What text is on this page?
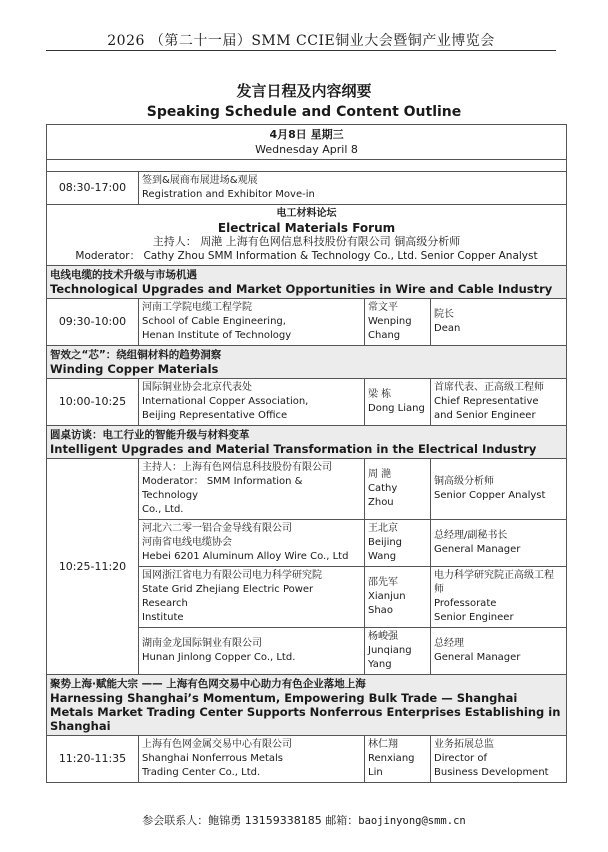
2026 （第二十一届）SMM CCIE铜业大会暨铜产业博览会
发言日程及内容纲要
Speaking Schedule and Content Outline
4月8日 星期三
Wednesday April 8			

08:30-17:00	签到&展商布展进场&观展
Registration and Exhibitor Move-in		

电工材料论坛
Electrical Materials Forum
主持人： 周滟 上海有色网信息科技股份有限公司 铜高级分析师
Moderator： Cathy Zhou SMM Information & Technology Co., Ltd. Senior Copper Analyst			

电线电缆的技术升级与市场机遇
Technological Upgrades and Market Opportunities in Wire and Cable Industry			

09:30-10:00	河南工学院电缆工程学院
School of Cable Engineering,
Henan Institute of Technology	常文平
Wenping
Chang	院长
Dean

智效之“芯”：绕组铜材料的趋势洞察
Winding Copper Materials			

10:00-10:25	国际铜业协会北京代表处
International Copper Association,
Beijing Representative Office	梁 栋
Dong Liang	首席代表、正高级工程师
Chief Representative
and Senior Engineer

圆桌访谈：电工行业的智能升级与材料变革
Intelligent Upgrades and Material Transformation in the Electrical Industry			

10:25-11:20	主持人：上海有色网信息科技股份有限公司
Moderator： SMM Information & Technology
Co., Ltd.	周 滟
Cathy
Zhou	铜高级分析师
Senior Copper Analyst

	河北六二零一铝合金导线有限公司
河南省电线电缆协会
Hebei 6201 Aluminum Alloy Wire Co., Ltd	王北京
Beijing
Wang	总经理/副秘书长
General Manager

	国网浙江省电力有限公司电力科学研究院
State Grid Zhejiang Electric Power Research
Institute	邵先军
Xianjun
Shao	电力科学研究院正高级工程
师
Professorate
Senior Engineer

	湖南金龙国际铜业有限公司
Hunan Jinlong Copper Co., Ltd.	杨峻强
Junqiang
Yang	总经理
General Manager

聚势上海·赋能大宗 —— 上海有色网交易中心助力有色企业落地上海
Harnessing Shanghai’s Momentum, Empowering Bulk Trade — Shanghai Metals Market Trading Center Supports Nonferrous Enterprises Establishing in Shanghai			

11:20-11:35	上海有色网金属交易中心有限公司
Shanghai Nonferrous Metals
Trading Center Co., Ltd.	林仁翔
Renxiang
Lin	业务拓展总监
Director of
Business Development
参会联系人：鲍锦勇 13159338185 邮箱：baojinyong@smm.cn
